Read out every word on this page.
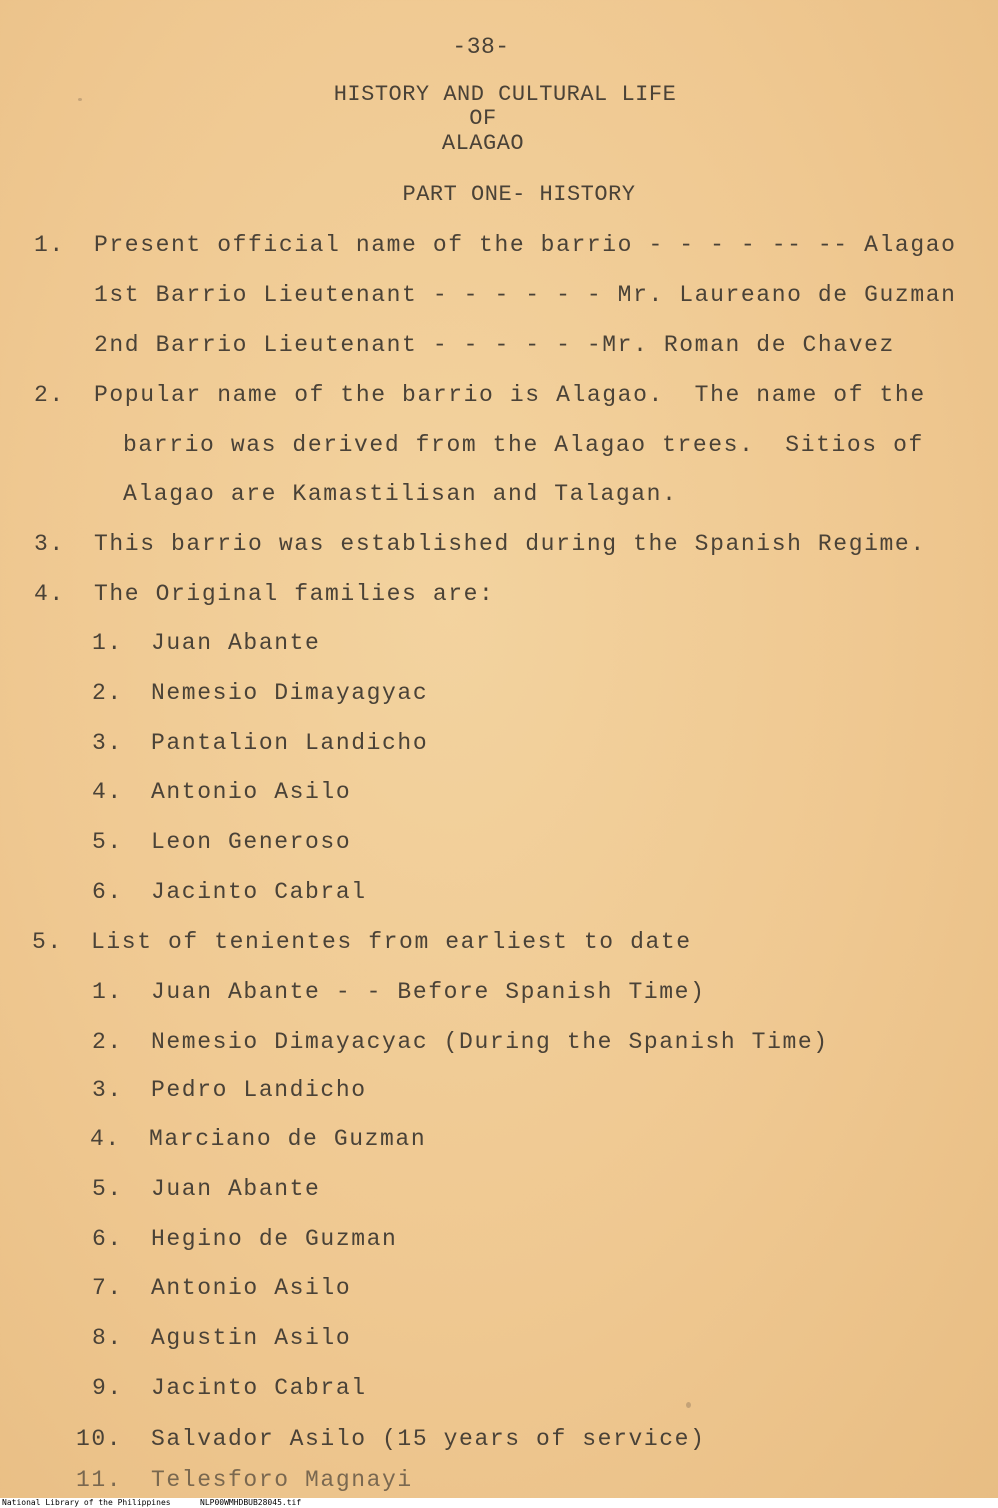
-38-
HISTORY AND CULTURAL LIFE
OF
ALAGAO
PART ONE- HISTORY
1. Present official name of the barrio - - - - -- -- Alagao
1st Barrio Lieutenant - - - - - - Mr. Laureano de Guzman
2nd Barrio Lieutenant - - - - - -Mr. Roman de Chavez
2. Popular name of the barrio is Alagao.  The name of the
barrio was derived from the Alagao trees.  Sitios of
Alagao are Kamastilisan and Talagan.
3. This barrio was established during the Spanish Regime.
4. The Original families are:
1. Juan Abante
2. Nemesio Dimayagyac
3. Pantalion Landicho
4. Antonio Asilo
5. Leon Generoso
6. Jacinto Cabral
5. List of tenientes from earliest to date
1. Juan Abante - - Before Spanish Time)
2. Nemesio Dimayacyac (During the Spanish Time)
3. Pedro Landicho
4. Marciano de Guzman
5. Juan Abante
6. Hegino de Guzman
7. Antonio Asilo
8. Agustin Asilo
9. Jacinto Cabral
10. Salvador Asilo (15 years of service)
11. Telesforo Magnayi
National Library of the Philippines	NLP00WMHDBUB28045.tif
